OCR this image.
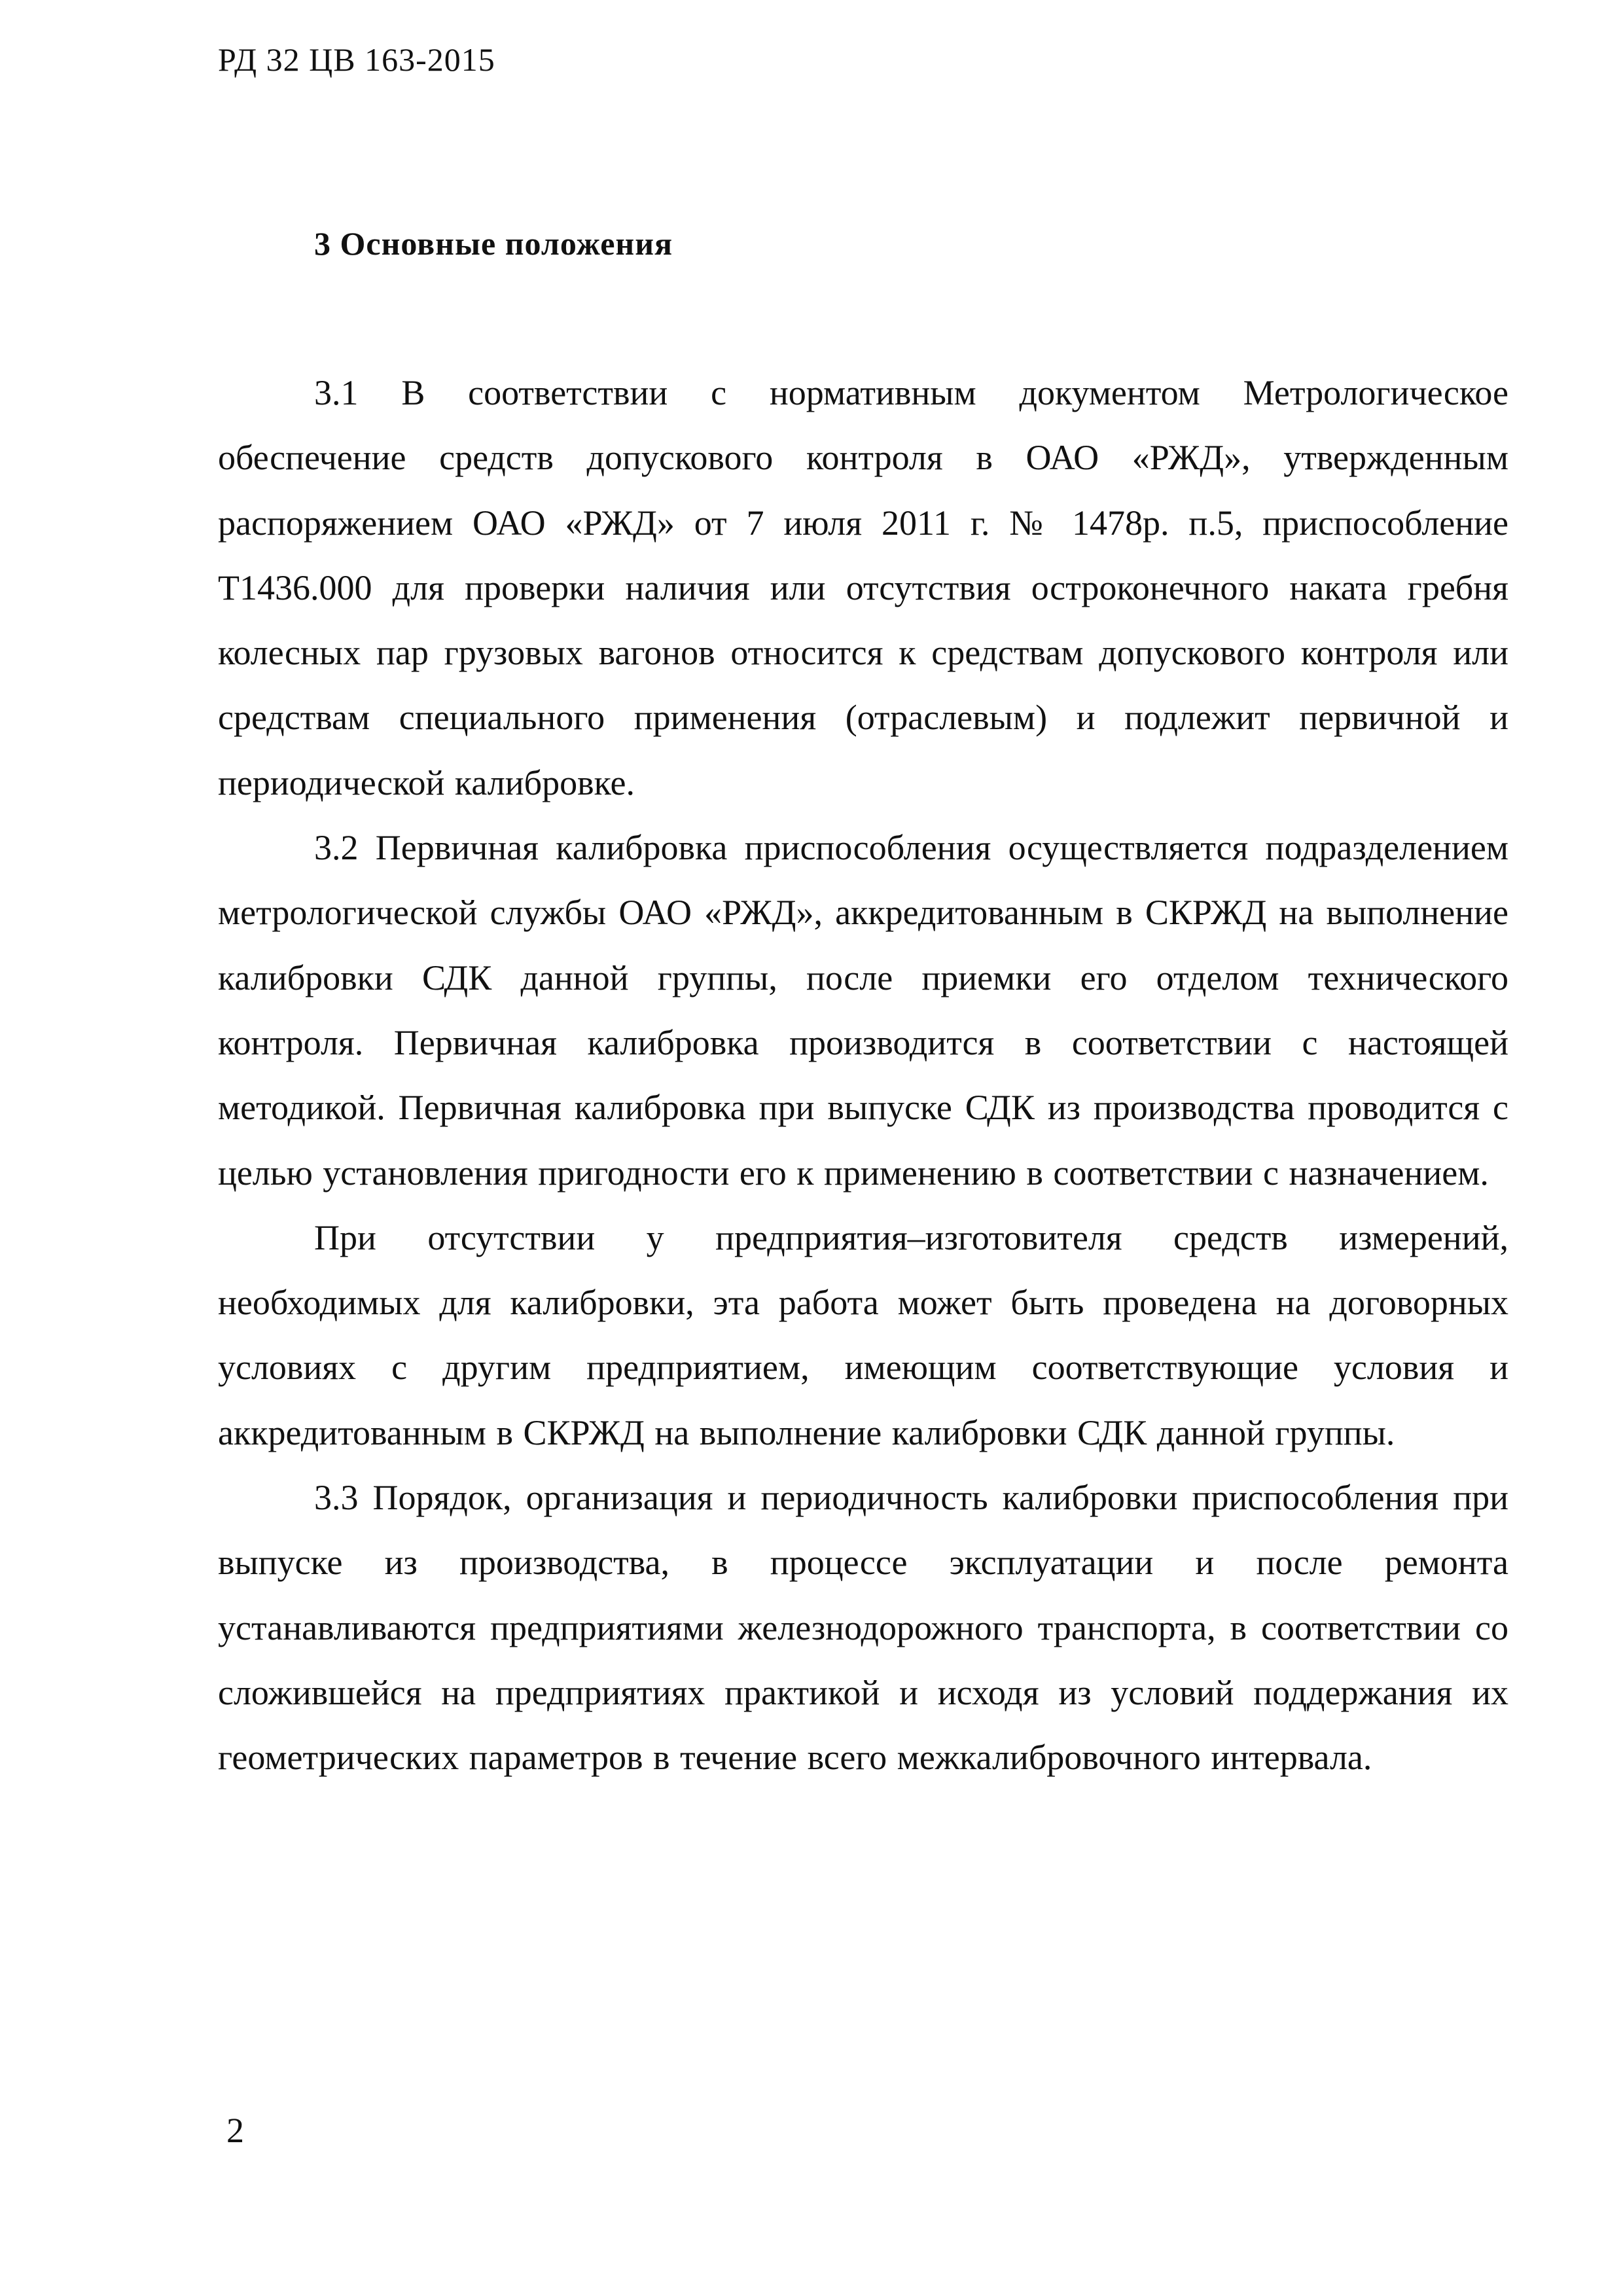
РД 32 ЦВ 163-2015
3 Основные положения

3.1 В соответствии с нормативным документом Метрологическое обеспечение средств допускового контроля в ОАО «РЖД», утвержденным распоряжением ОАО «РЖД» от 7 июля 2011 г. № 1478р. п.5, приспособление Т1436.000 для проверки наличия или отсутствия остроконечного наката гребня колесных пар грузовых вагонов относится к средствам допускового контроля или средствам специального применения (отраслевым) и подлежит первичной и периодической калибровке.

3.2 Первичная калибровка приспособления осуществляется подразделением метрологической службы ОАО «РЖД», аккредитованным в СКРЖД на выполнение калибровки СДК данной группы, после приемки его отделом технического контроля. Первичная калибровка производится в соответствии с настоящей методикой. Первичная калибровка при выпуске СДК из производства проводится с целью установления пригодности его к применению в соответствии с назначением.

При отсутствии у предприятия–изготовителя средств измерений, необходимых для калибровки, эта работа может быть проведена на договорных условиях с другим предприятием, имеющим соответствующие условия и аккредитованным в СКРЖД на выполнение калибровки СДК данной группы.

3.3 Порядок, организация и периодичность калибровки приспособления при выпуске из производства, в процессе эксплуатации и после ремонта устанавливаются предприятиями железнодорожного транспорта, в соответствии со сложившейся на предприятиях практикой и исходя из условий поддержания их геометрических параметров в течение всего межкалибровочного интервала.

2
